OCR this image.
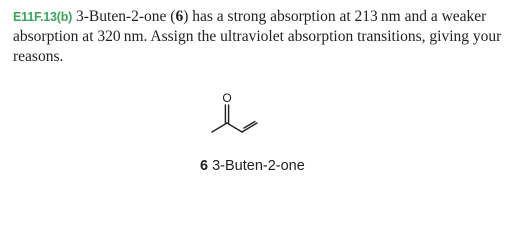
E11F.13(b) 3-Buten-2-one (6) has a strong absorption at 213 nm and a weaker absorption at 320 nm. Assign the ultraviolet absorption transitions, giving your reasons.

O
6 3-Buten-2-one
